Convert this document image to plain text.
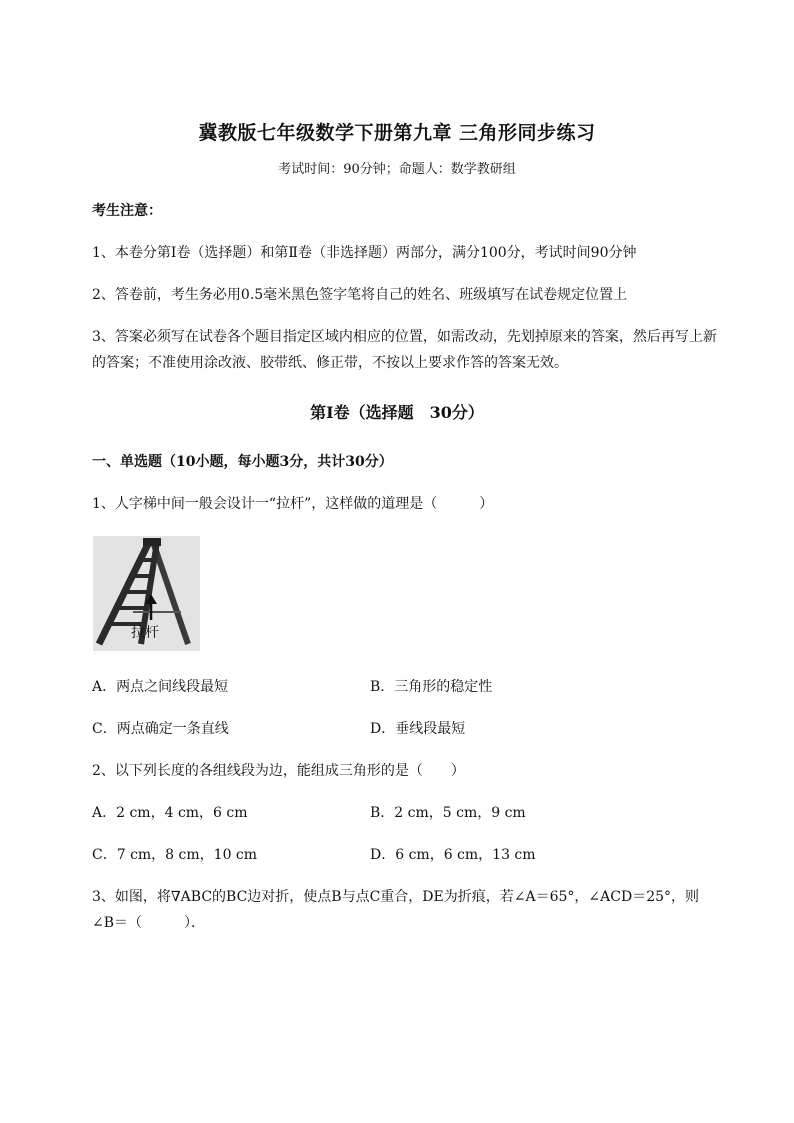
冀教版七年级数学下册第九章 三角形同步练习
考试时间：90分钟；命题人：数学教研组
考生注意：
1、本卷分第Ⅰ卷（选择题）和第Ⅱ卷（非选择题）两部分，满分100分，考试时间90分钟
2、答卷前，考生务必用0.5毫米黑色签字笔将自己的姓名、班级填写在试卷规定位置上
3、答案必须写在试卷各个题目指定区域内相应的位置，如需改动，先划掉原来的答案，然后再写上新
的答案；不准使用涂改液、胶带纸、修正带，不按以上要求作答的答案无效。
第Ⅰ卷（选择题　30分）
一、单选题（10小题，每小题3分，共计30分）
1、人字梯中间一般会设计一“拉杆”，这样做的道理是（　　　）
拉杆
A．两点之间线段最短	B．三角形的稳定性
C．两点确定一条直线	D．垂线段最短
2、以下列长度的各组线段为边，能组成三角形的是（　　）
A．2 cm，4 cm，6 cm	B．2 cm，5 cm，9 cm
C．7 cm，8 cm，10 cm	D．6 cm，6 cm，13 cm
3、如图，将∇ABC的BC边对折，使点B与点C重合，DE为折痕，若∠A＝65°，∠ACD＝25°，则
∠B＝（　　　）．
